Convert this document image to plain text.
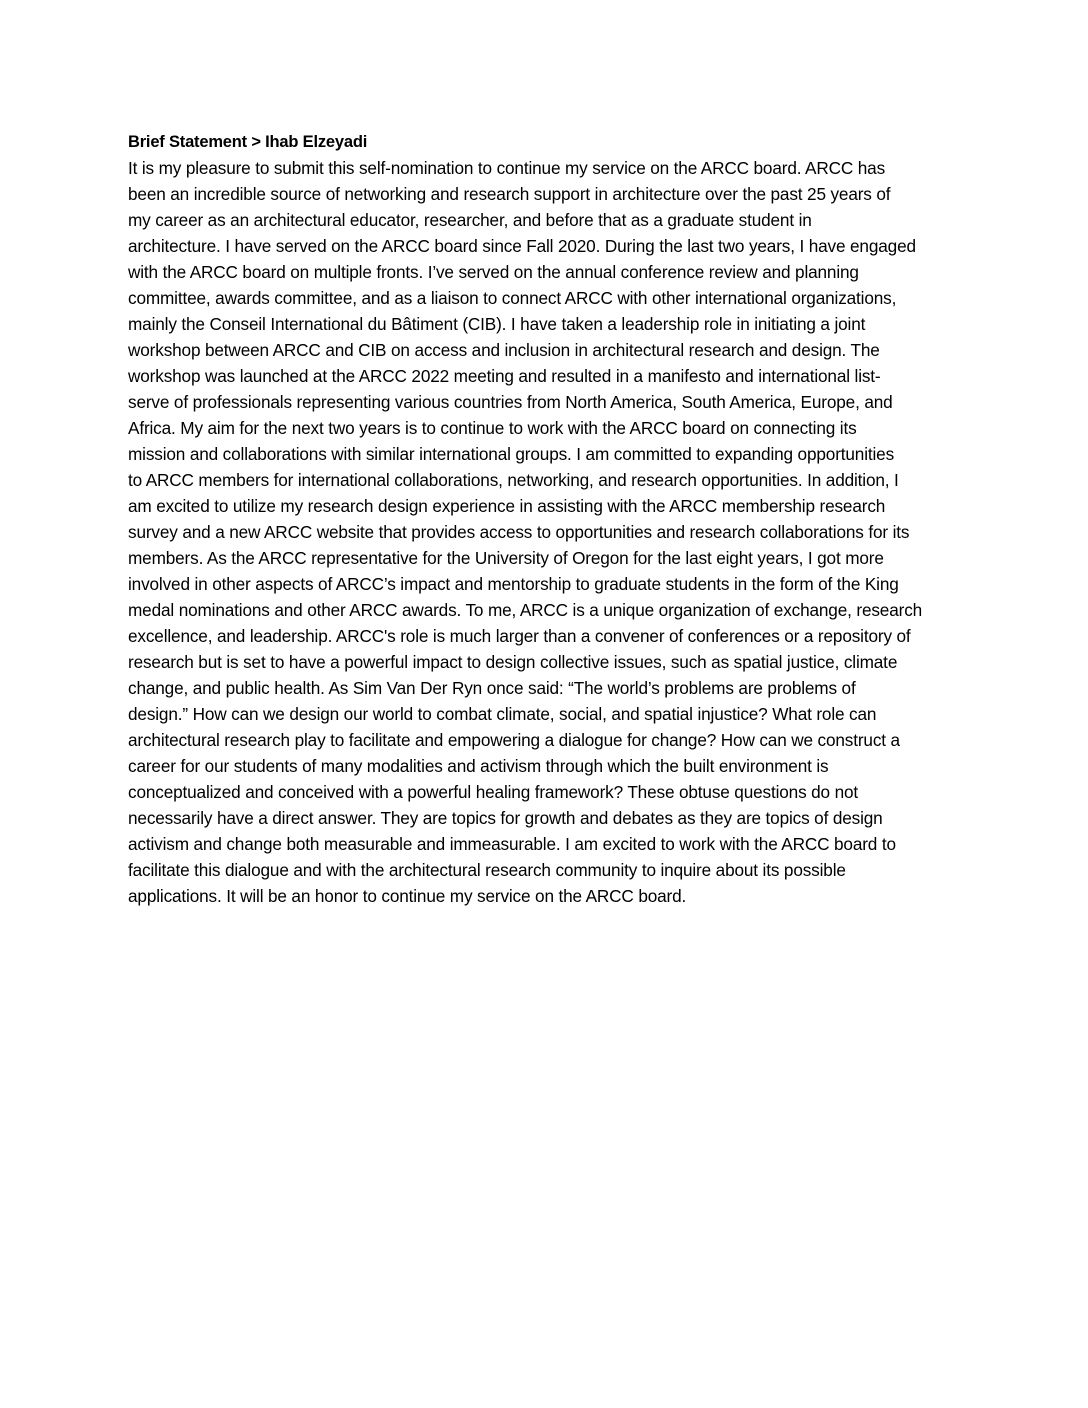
Brief Statement > Ihab Elzeyadi
It is my pleasure to submit this self-nomination to continue my service on the ARCC board. ARCC has
been an incredible source of networking and research support in architecture over the past 25 years of
my career as an architectural educator, researcher, and before that as a graduate student in
architecture. I have served on the ARCC board since Fall 2020. During the last two years, I have engaged
with the ARCC board on multiple fronts. I’ve served on the annual conference review and planning
committee, awards committee, and as a liaison to connect ARCC with other international organizations,
mainly the Conseil International du Bâtiment (CIB). I have taken a leadership role in initiating a joint
workshop between ARCC and CIB on access and inclusion in architectural research and design. The
workshop was launched at the ARCC 2022 meeting and resulted in a manifesto and international list-
serve of professionals representing various countries from North America, South America, Europe, and
Africa. My aim for the next two years is to continue to work with the ARCC board on connecting its
mission and collaborations with similar international groups. I am committed to expanding opportunities
to ARCC members for international collaborations, networking, and research opportunities. In addition, I
am excited to utilize my research design experience in assisting with the ARCC membership research
survey and a new ARCC website that provides access to opportunities and research collaborations for its
members. As the ARCC representative for the University of Oregon for the last eight years, I got more
involved in other aspects of ARCC’s impact and mentorship to graduate students in the form of the King
medal nominations and other ARCC awards. To me, ARCC is a unique organization of exchange, research
excellence, and leadership. ARCC's role is much larger than a convener of conferences or a repository of
research but is set to have a powerful impact to design collective issues, such as spatial justice, climate
change, and public health. As Sim Van Der Ryn once said: “The world’s problems are problems of
design.” How can we design our world to combat climate, social, and spatial injustice? What role can
architectural research play to facilitate and empowering a dialogue for change? How can we construct a
career for our students of many modalities and activism through which the built environment is
conceptualized and conceived with a powerful healing framework? These obtuse questions do not
necessarily have a direct answer. They are topics for growth and debates as they are topics of design
activism and change both measurable and immeasurable. I am excited to work with the ARCC board to
facilitate this dialogue and with the architectural research community to inquire about its possible
applications. It will be an honor to continue my service on the ARCC board.
